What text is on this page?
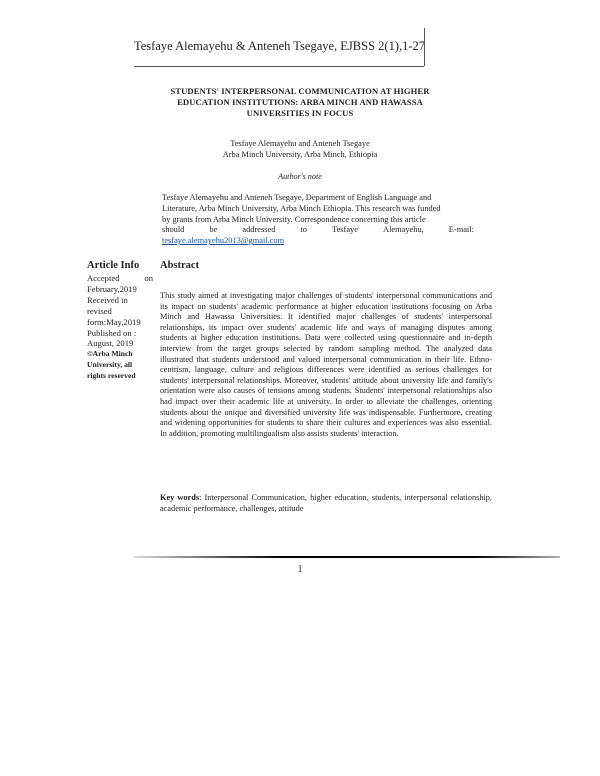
Tesfaye Alemayehu & Anteneh Tsegaye, EJBSS 2(1),1-27
STUDENTS' INTERPERSONAL COMMUNICATION AT HIGHER
EDUCATION INSTITUTIONS: ARBA MINCH AND HAWASSA
UNIVERSITIES IN FOCUS
Tesfaye Alemayehu and Anteneh Tsegaye
Arba Minch University, Arba Minch, Ethiopia
Author's note
Tesfaye Alemayehu and Anteneh Tsegaye, Department of English Language and
Literature, Arba Minch University, Arba Minch Ethiopia. This research was funded
by grants from Arba Minch University. Correspondence concerning this article
should	be	addressed	to	Tesfaye	Alemayehu,	E-mail:
tesfaye.alemayehu2013@gmail.com
Article Info Abstract
Accepted	on
February,2019
Received in
revised
form:May,2019
Published on :
August, 2019
©Arba Minch
University, all
rights reserved
This study aimed at investigating major challenges of students' interpersonal communications and its impact on students' academic performance at higher education institutions focusing on Arba Minch and Hawassa Universities. It identified major challenges of students' interpersonal relationships, its impact over students' academic life and ways of managing disputes among students at higher education institutions. Data were collected using questionnaire and in-depth interview from the target groups selected by random sampling method. The analyzed data illustrated that students understood and valued interpersonal communication in their life. Ethno-centrism, language, culture and religious differences were identified as serious challenges for students' interpersonal relationships. Moreover, students' attitude about university life and family's orientation were also causes of tensions among students. Students' interpersonal relationships also had impact over their academic life at university. In order to alleviate the challenges, orienting students about the unique and diversified university life was indispensable. Furthermore, creating and widening opportunities for students to share their cultures and experiences was also essential. In addition, promoting multilingualism also assists students' interaction.
Key words: Interpersonal Communication, higher education, students, interpersonal relationship, academic performance, challenges, attitude
1
